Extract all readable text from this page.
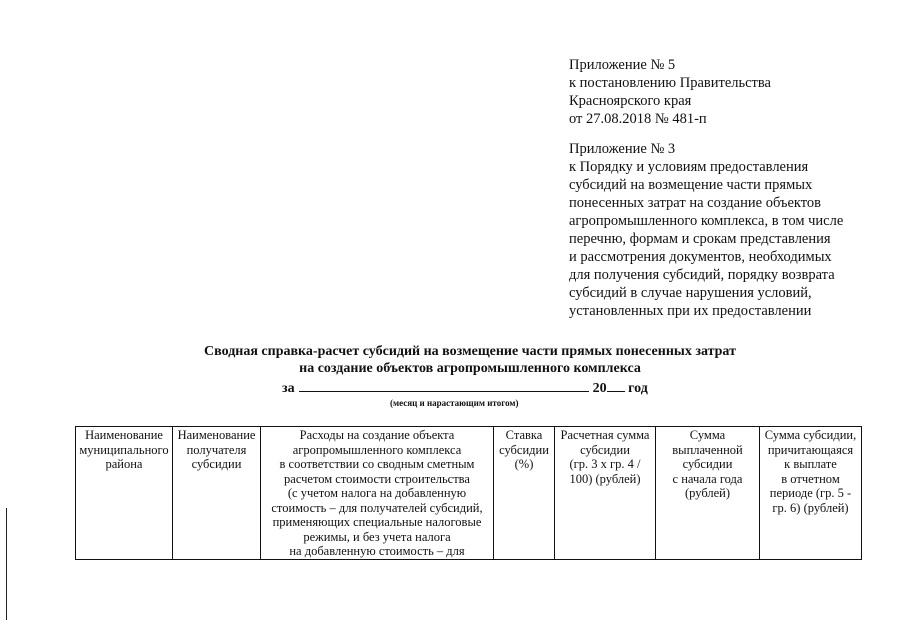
Приложение № 5
к постановлению Правительства
Красноярского края
от 27.08.2018 № 481-п
Приложение № 3
к Порядку и условиям предоставления
субсидий на возмещение части прямых
понесенных затрат на создание объектов
агропромышленного комплекса, в том числе
перечню, формам и срокам представления
и рассмотрения документов, необходимых
для получения субсидий, порядку возврата
субсидий в случае нарушения условий,
установленных при их предоставлении
Сводная справка-расчет субсидий на возмещение части прямых понесенных затрат
на создание объектов агропромышленного комплекса
за	20 год
(месяц и нарастающим итогом)
Наименование
муниципального
района

Наименование
получателя
субсидии

Расходы на создание объекта
агропромышленного комплекса
в соответствии со сводным сметным
расчетом стоимости строительства
(с учетом налога на добавленную
стоимость – для получателей субсидий,
применяющих специальные налоговые
режимы, и без учета налога
на добавленную стоимость – для

Ставка
субсидии
(%)

Расчетная сумма
субсидии
(гр. 3 х гр. 4 /
100) (рублей)

Сумма
выплаченной
субсидии
с начала года
(рублей)

Сумма субсидии,
причитающаяся
к выплате
в отчетном
периоде (гр. 5 -
гр. 6) (рублей)
